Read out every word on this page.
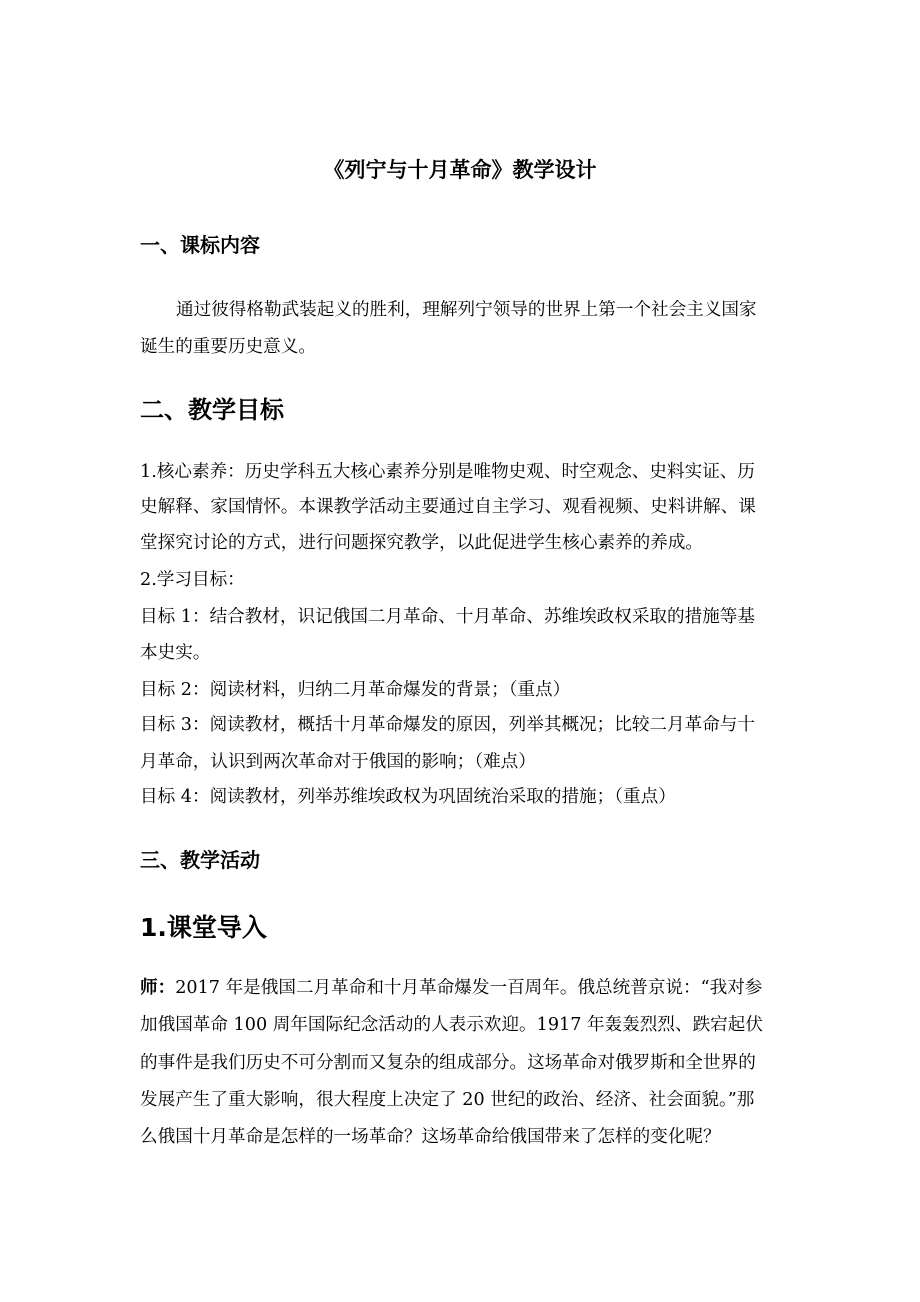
《列宁与十月革命》教学设计
一、课标内容
通过彼得格勒武装起义的胜利，理解列宁领导的世界上第一个社会主义国家
诞生的重要历史意义。
二、教学目标
1.核心素养：历史学科五大核心素养分别是唯物史观、时空观念、史料实证、历
史解释、家国情怀。本课教学活动主要通过自主学习、观看视频、史料讲解、课
堂探究讨论的方式，进行问题探究教学，以此促进学生核心素养的养成。
2.学习目标：
目标 1：结合教材，识记俄国二月革命、十月革命、苏维埃政权采取的措施等基
本史实。
目标 2：阅读材料，归纳二月革命爆发的背景；（重点）
目标 3：阅读教材，概括十月革命爆发的原因，列举其概况；比较二月革命与十
月革命，认识到两次革命对于俄国的影响；（难点）
目标 4：阅读教材，列举苏维埃政权为巩固统治采取的措施；（重点）
三、教学活动
1.课堂导入
师：2017 年是俄国二月革命和十月革命爆发一百周年。俄总统普京说：“我对参
加俄国革命 100 周年国际纪念活动的人表示欢迎。1917 年轰轰烈烈、跌宕起伏
的事件是我们历史不可分割而又复杂的组成部分。这场革命对俄罗斯和全世界的
发展产生了重大影响，很大程度上决定了 20 世纪的政治、经济、社会面貌。”那
么俄国十月革命是怎样的一场革命？这场革命给俄国带来了怎样的变化呢？
